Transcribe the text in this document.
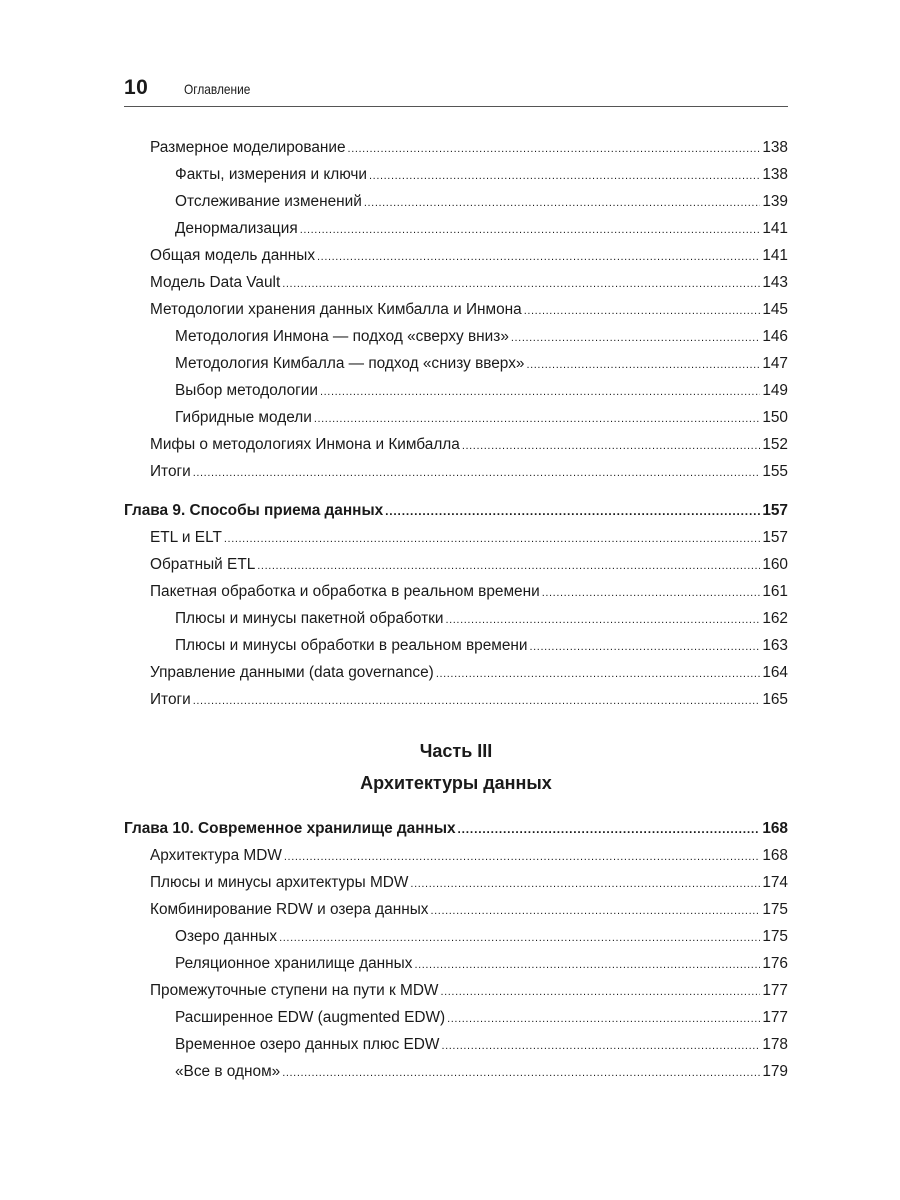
10	Оглавление
Размерное моделирование .....	138
Факты, измерения и ключи .....	138
Отслеживание изменений .....	139
Денормализация .....	141
Общая модель данных .....	141
Модель Data Vault .....	143
Методологии хранения данных Кимбалла и Инмона .....	145
Методология Инмона — подход «сверху вниз» .....	146
Методология Кимбалла — подход «снизу вверх» .....	147
Выбор методологии .....	149
Гибридные модели .....	150
Мифы о методологиях Инмона и Кимбалла .....	152
Итоги .....	155
Глава 9. Способы приема данных .....	157
ETL и ELT .....	157
Обратный ETL .....	160
Пакетная обработка и обработка в реальном времени .....	161
Плюсы и минусы пакетной обработки .....	162
Плюсы и минусы обработки в реальном времени .....	163
Управление данными (data governance) .....	164
Итоги .....	165
Часть III
Архитектуры данных
Глава 10. Современное хранилище данных .....	168
Архитектура MDW .....	168
Плюсы и минусы архитектуры MDW .....	174
Комбинирование RDW и озера данных .....	175
Озеро данных .....	175
Реляционное хранилище данных .....	176
Промежуточные ступени на пути к MDW .....	177
Расширенное EDW (augmented EDW) .....	177
Временное озеро данных плюс EDW .....	178
«Все в одном» .....	179
